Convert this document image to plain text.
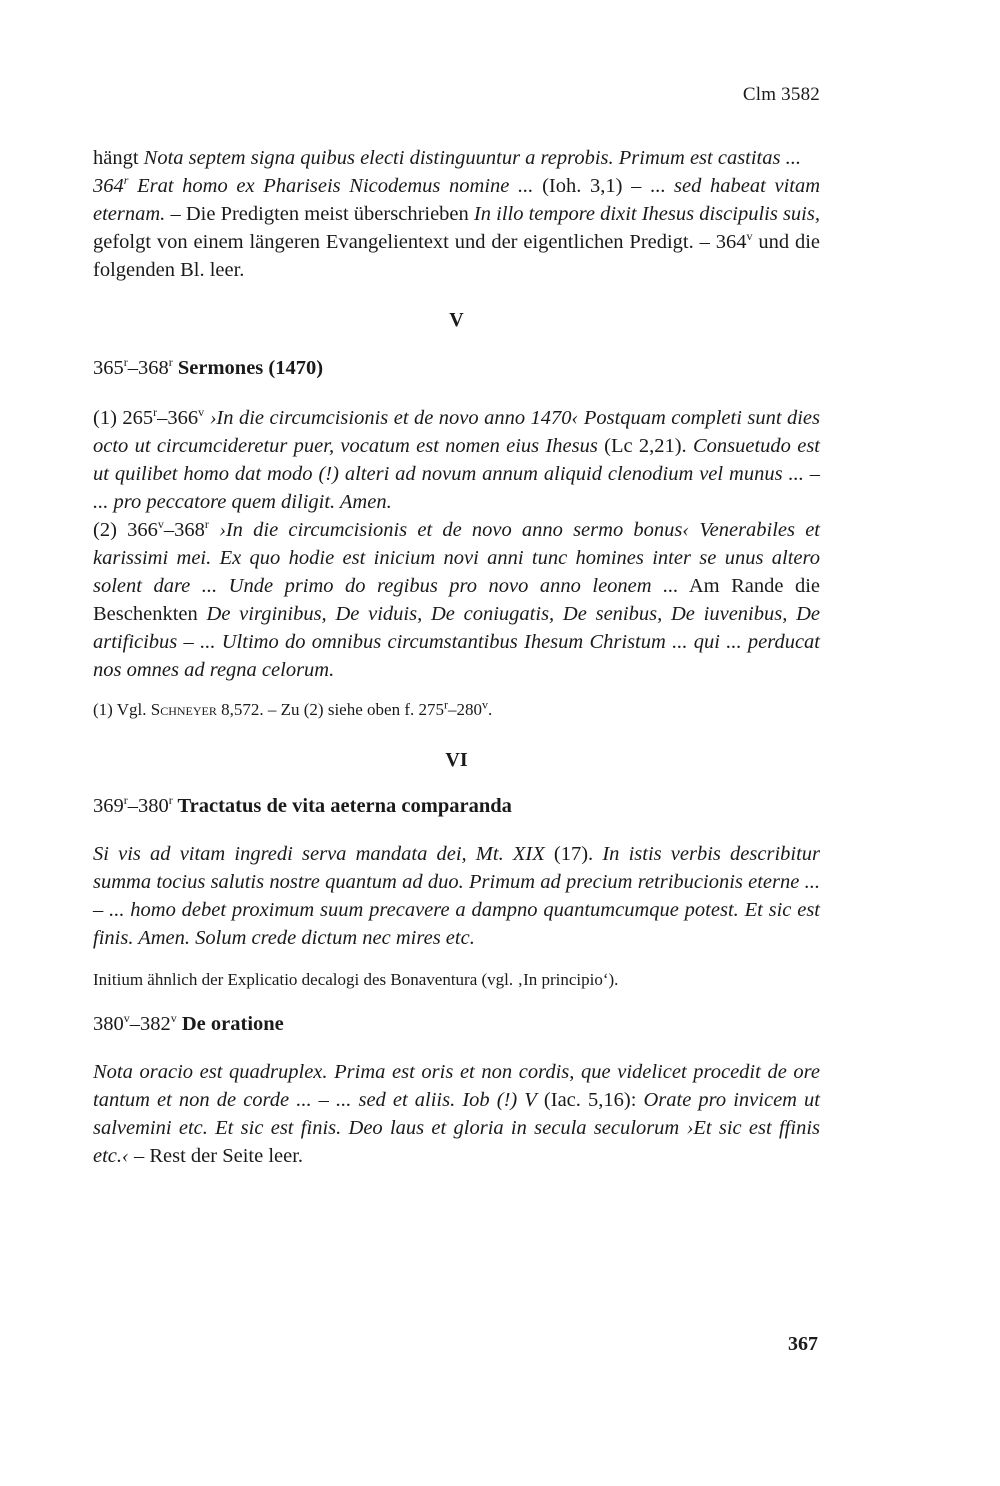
Clm 3582

hängt Nota septem signa quibus electi distinguuntur a reprobis. Primum est castitas ...

364$^r$ Erat homo ex Phariseis Nicodemus nomine ... (Ioh. 3,1) – ... sed habeat vitam eternam. – Die Predigten meist überschrieben In illo tempore dixit Ihesus discipulis suis, gefolgt von einem längeren Evangelientext und der eigentlichen Predigt. – 364$^v$ und die folgenden Bl. leer.

V

365$^r$–368$^r$ Sermones (1470)

(1) 265$^r$–366$^v$ ›In die circumcisionis et de novo anno 1470‹ Postquam completi sunt dies octo ut circumcideretur puer, vocatum est nomen eius Ihesus (Lc 2,21). Consuetudo est ut quilibet homo dat modo (!) alteri ad novum annum aliquid clenodium vel munus ... – ... pro peccatore quem diligit. Amen.

(2) 366$^v$–368$^r$ ›In die circumcisionis et de novo anno sermo bonus‹ Venerabiles et karissimi mei. Ex quo hodie est inicium novi anni tunc homines inter se unus altero solent dare ... Unde primo do regibus pro novo anno leonem ... Am Rande die Beschenkten De virginibus, De viduis, De coniugatis, De senibus, De iuvenibus, De artificibus – ... Ultimo do omnibus circumstantibus Ihesum Christum ... qui ... perducat nos omnes ad regna celorum.

(1) Vgl. Schneyer 8,572. – Zu (2) siehe oben f. 275$^r$–280$^v$.

VI

369$^r$–380$^r$ Tractatus de vita aeterna comparanda

Si vis ad vitam ingredi serva mandata dei, Mt. XIX (17). In istis verbis describitur summa tocius salutis nostre quantum ad duo. Primum ad precium retribucionis eterne ... – ... homo debet proximum suum precavere a dampno quantumcumque potest. Et sic est finis. Amen. Solum crede dictum nec mires etc.

Initium ähnlich der Explicatio decalogi des Bonaventura (vgl. ‚In principio‘).

380$^v$–382$^v$ De oratione

Nota oracio est quadruplex. Prima est oris et non cordis, que videlicet procedit de ore tantum et non de corde ... – ... sed et aliis. Iob (!) V (Iac. 5,16): Orate pro invicem ut salvemini etc. Et sic est finis. Deo laus et gloria in secula seculorum ›Et sic est ffinis etc.‹ – Rest der Seite leer.

367
